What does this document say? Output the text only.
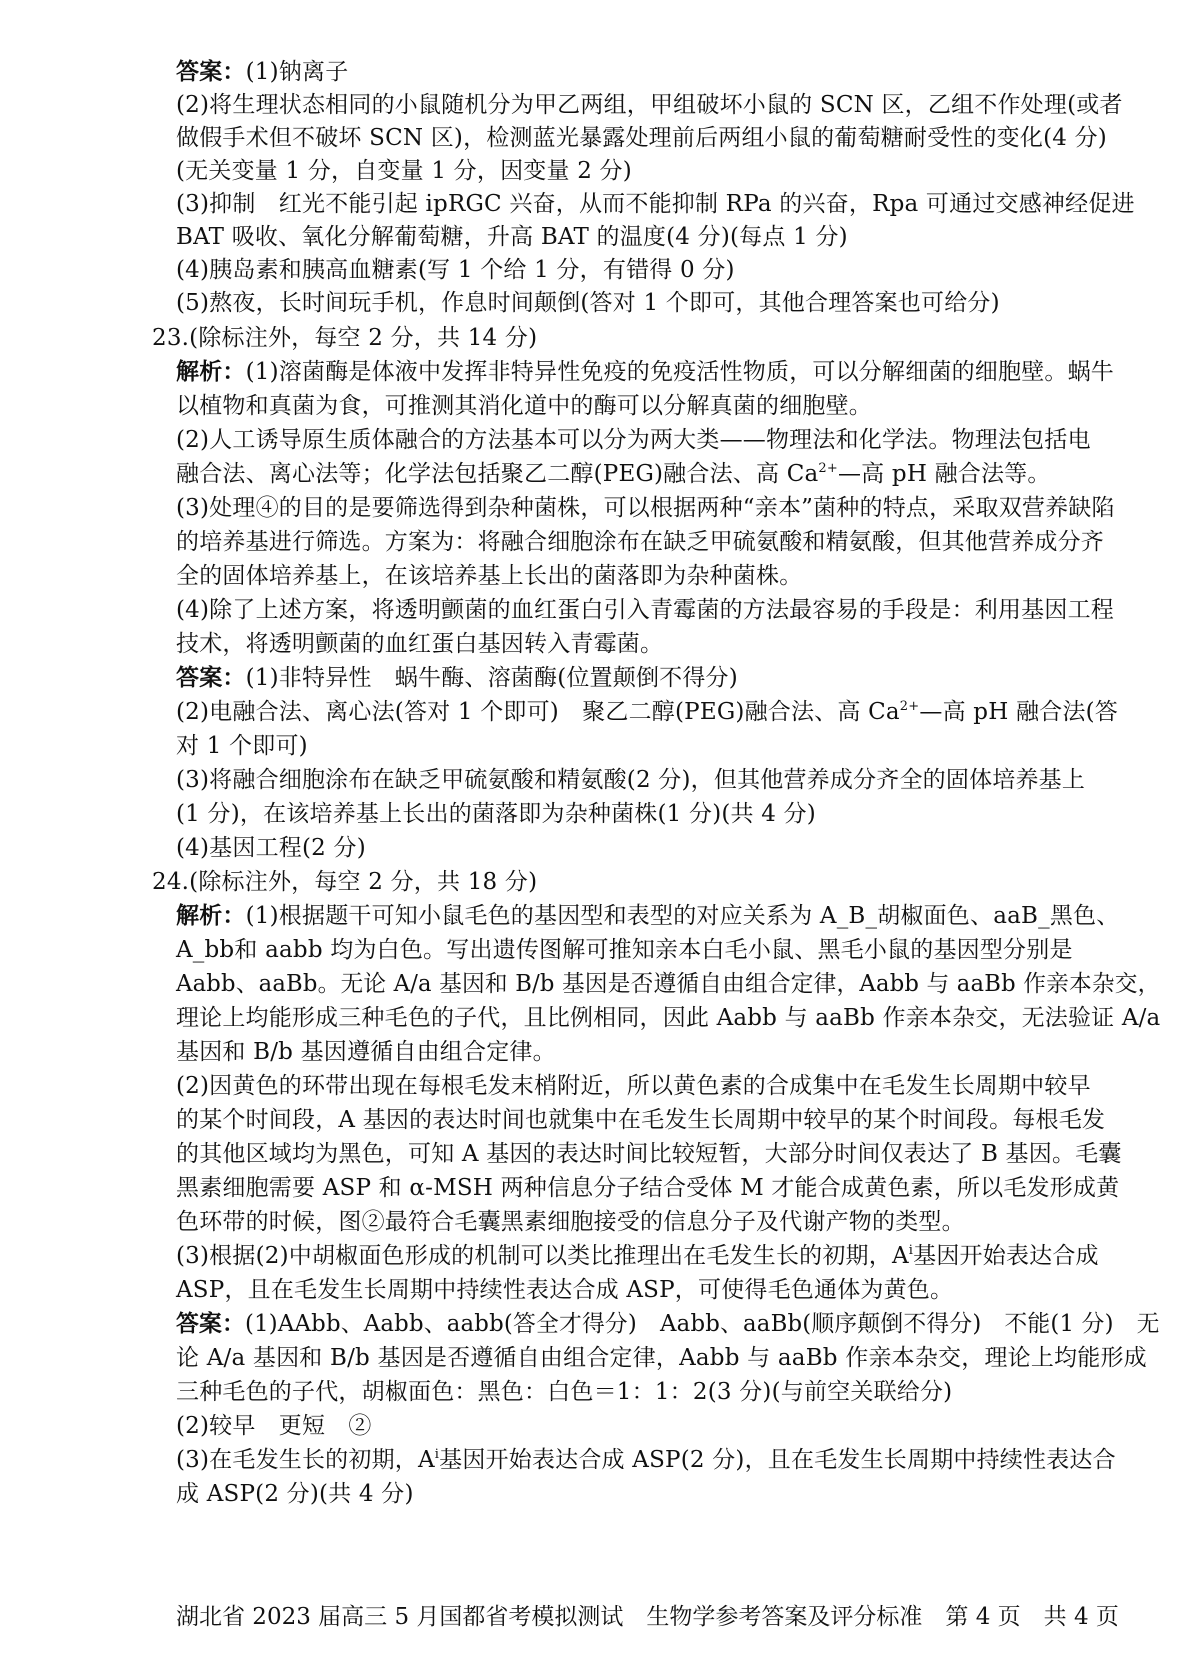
答案：(1)钠离子
(2)将生理状态相同的小鼠随机分为甲乙两组，甲组破坏小鼠的 SCN 区，乙组不作处理(或者
做假手术但不破坏 SCN 区)，检测蓝光暴露处理前后两组小鼠的葡萄糖耐受性的变化(4 分)
(无关变量 1 分，自变量 1 分，因变量 2 分)
(3)抑制　红光不能引起 ipRGC 兴奋，从而不能抑制 RPa 的兴奋，Rpa 可通过交感神经促进
BAT 吸收、氧化分解葡萄糖，升高 BAT 的温度(4 分)(每点 1 分)
(4)胰岛素和胰高血糖素(写 1 个给 1 分，有错得 0 分)
(5)熬夜，长时间玩手机，作息时间颠倒(答对 1 个即可，其他合理答案也可给分)
23.(除标注外，每空 2 分，共 14 分)
解析：(1)溶菌酶是体液中发挥非特异性免疫的免疫活性物质，可以分解细菌的细胞壁。蜗牛
以植物和真菌为食，可推测其消化道中的酶可以分解真菌的细胞壁。
(2)人工诱导原生质体融合的方法基本可以分为两大类——物理法和化学法。物理法包括电
融合法、离心法等；化学法包括聚乙二醇(PEG)融合法、高 $Ca^{2+}—$高 pH 融合法等。
(3)处理④的目的是要筛选得到杂种菌株，可以根据两种“亲本”菌种的特点，采取双营养缺陷
的培养基进行筛选。方案为：将融合细胞涂布在缺乏甲硫氨酸和精氨酸，但其他营养成分齐
全的固体培养基上，在该培养基上长出的菌落即为杂种菌株。
(4)除了上述方案，将透明颤菌的血红蛋白引入青霉菌的方法最容易的手段是：利用基因工程
技术，将透明颤菌的血红蛋白基因转入青霉菌。
答案：(1)非特异性　蜗牛酶、溶菌酶(位置颠倒不得分)
(2)电融合法、离心法(答对 1 个即可)　聚乙二醇(PEG)融合法、高 $Ca^{2+}—$高 pH 融合法(答
对 1 个即可)
(3)将融合细胞涂布在缺乏甲硫氨酸和精氨酸(2 分)，但其他营养成分齐全的固体培养基上
(1 分)，在该培养基上长出的菌落即为杂种菌株(1 分)(共 4 分)
(4)基因工程(2 分)
24.(除标注外，每空 2 分，共 18 分)
解析：(1)根据题干可知小鼠毛色的基因型和表型的对应关系为 A_B_胡椒面色、aaB_黑色、
A_bb和 aabb 均为白色。写出遗传图解可推知亲本白毛小鼠、黑毛小鼠的基因型分别是
Aabb、aaBb。无论 A/a 基因和 B/b 基因是否遵循自由组合定律，Aabb 与 aaBb 作亲本杂交，
理论上均能形成三种毛色的子代，且比例相同，因此 Aabb 与 aaBb 作亲本杂交，无法验证 A/a
基因和 B/b 基因遵循自由组合定律。
(2)因黄色的环带出现在每根毛发末梢附近，所以黄色素的合成集中在毛发生长周期中较早
的某个时间段，A 基因的表达时间也就集中在毛发生长周期中较早的某个时间段。每根毛发
的其他区域均为黑色，可知 A 基因的表达时间比较短暂，大部分时间仅表达了 B 基因。毛囊
黑素细胞需要 ASP 和 α-MSH 两种信息分子结合受体 M 才能合成黄色素，所以毛发形成黄
色环带的时候，图②最符合毛囊黑素细胞接受的信息分子及代谢产物的类型。
(3)根据(2)中胡椒面色形成的机制可以类比推理出在毛发生长的初期，$A^i$基因开始表达合成
ASP，且在毛发生长周期中持续性表达合成 ASP，可使得毛色通体为黄色。
答案：(1)AAbb、Aabb、aabb(答全才得分)　Aabb、aaBb(顺序颠倒不得分)　不能(1 分)　无
论 A/a 基因和 B/b 基因是否遵循自由组合定律，Aabb 与 aaBb 作亲本杂交，理论上均能形成
三种毛色的子代，胡椒面色：黑色：白色＝1：1：2(3 分)(与前空关联给分)
(2)较早　更短　②
(3)在毛发生长的初期，$A^i$基因开始表达合成 ASP(2 分)，且在毛发生长周期中持续性表达合
成 ASP(2 分)(共 4 分)
湖北省 2023 届高三 5 月国都省考模拟测试　生物学参考答案及评分标准　第 4 页　共 4 页
